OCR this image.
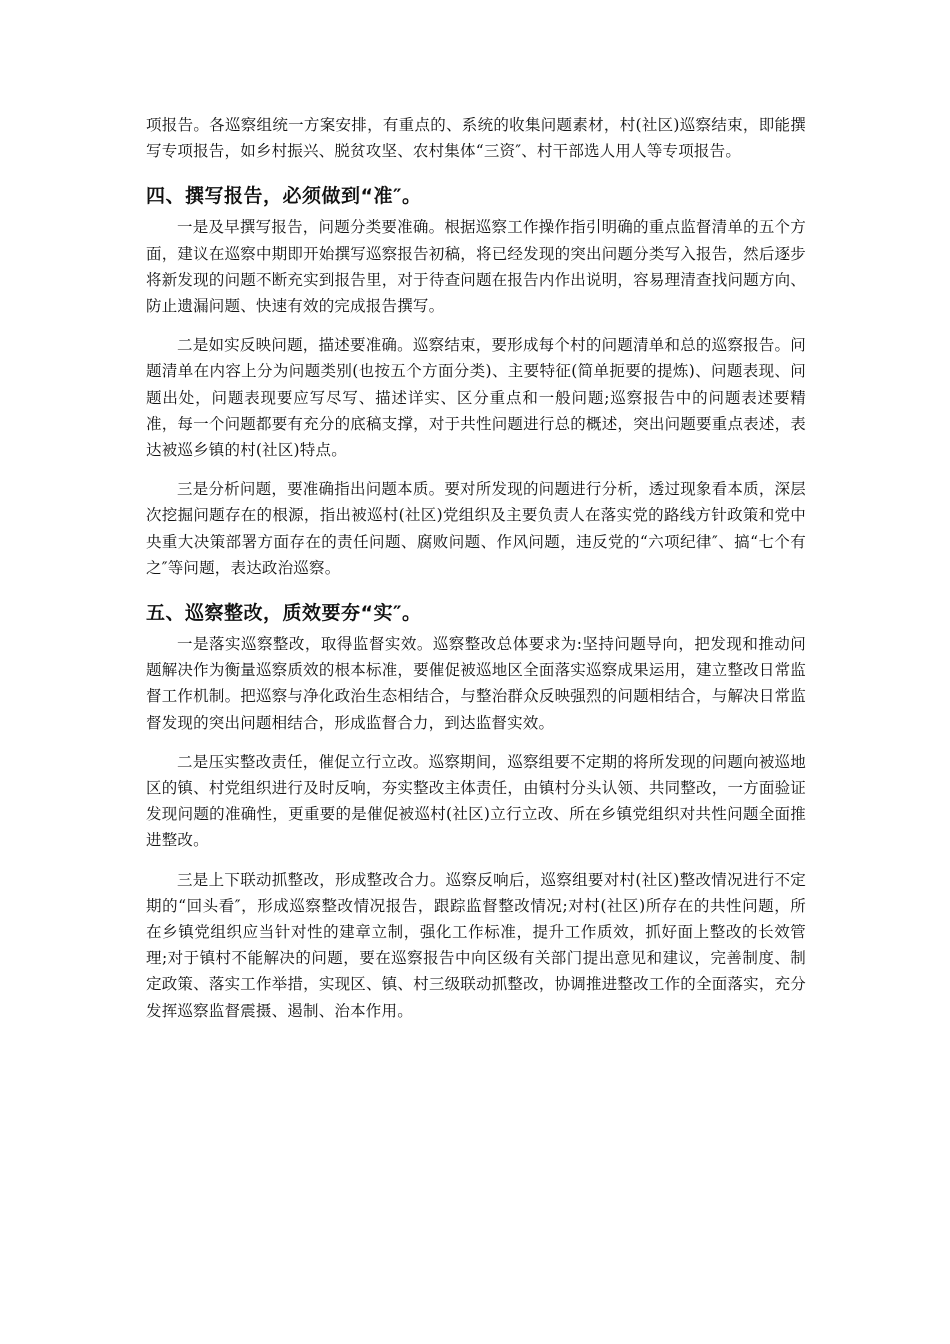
项报告。各巡察组统一方案安排，有重点的、系统的收集问题素材，村(社区)巡察结束，即能撰写专项报告，如乡村振兴、脱贫攻坚、农村集体“三资″、村干部选人用人等专项报告。

四、撰写报告，必须做到“准″。

一是及早撰写报告，问题分类要准确。根据巡察工作操作指引明确的重点监督清单的五个方面，建议在巡察中期即开始撰写巡察报告初稿，将已经发现的突出问题分类写入报告，然后逐步将新发现的问题不断充实到报告里，对于待查问题在报告内作出说明，容易理清查找问题方向、防止遗漏问题、快速有效的完成报告撰写。

二是如实反映问题，描述要准确。巡察结束，要形成每个村的问题清单和总的巡察报告。问题清单在内容上分为问题类别(也按五个方面分类)、主要特征(简单扼要的提炼)、问题表现、问题出处，问题表现要应写尽写、描述详实、区分重点和一般问题;巡察报告中的问题表述要精准，每一个问题都要有充分的底稿支撑，对于共性问题进行总的概述，突出问题要重点表述，表达被巡乡镇的村(社区)特点。

三是分析问题，要准确指出问题本质。要对所发现的问题进行分析，透过现象看本质，深层次挖掘问题存在的根源，指出被巡村(社区)党组织及主要负责人在落实党的路线方针政策和党中央重大决策部署方面存在的责任问题、腐败问题、作风问题，违反党的“六项纪律″、搞“七个有之″等问题，表达政治巡察。

五、巡察整改，质效要夯“实″。

一是落实巡察整改，取得监督实效。巡察整改总体要求为:坚持问题导向，把发现和推动问题解决作为衡量巡察质效的根本标准，要催促被巡地区全面落实巡察成果运用，建立整改日常监督工作机制。把巡察与净化政治生态相结合，与整治群众反映强烈的问题相结合，与解决日常监督发现的突出问题相结合，形成监督合力，到达监督实效。

二是压实整改责任，催促立行立改。巡察期间，巡察组要不定期的将所发现的问题向被巡地区的镇、村党组织进行及时反响，夯实整改主体责任，由镇村分头认领、共同整改，一方面验证发现问题的准确性，更重要的是催促被巡村(社区)立行立改、所在乡镇党组织对共性问题全面推进整改。

三是上下联动抓整改，形成整改合力。巡察反响后，巡察组要对村(社区)整改情况进行不定期的“回头看″，形成巡察整改情况报告，跟踪监督整改情况;对村(社区)所存在的共性问题，所在乡镇党组织应当针对性的建章立制，强化工作标准，提升工作质效，抓好面上整改的长效管理;对于镇村不能解决的问题，要在巡察报告中向区级有关部门提出意见和建议，完善制度、制定政策、落实工作举措，实现区、镇、村三级联动抓整改，协调推进整改工作的全面落实，充分发挥巡察监督震摄、遏制、治本作用。
